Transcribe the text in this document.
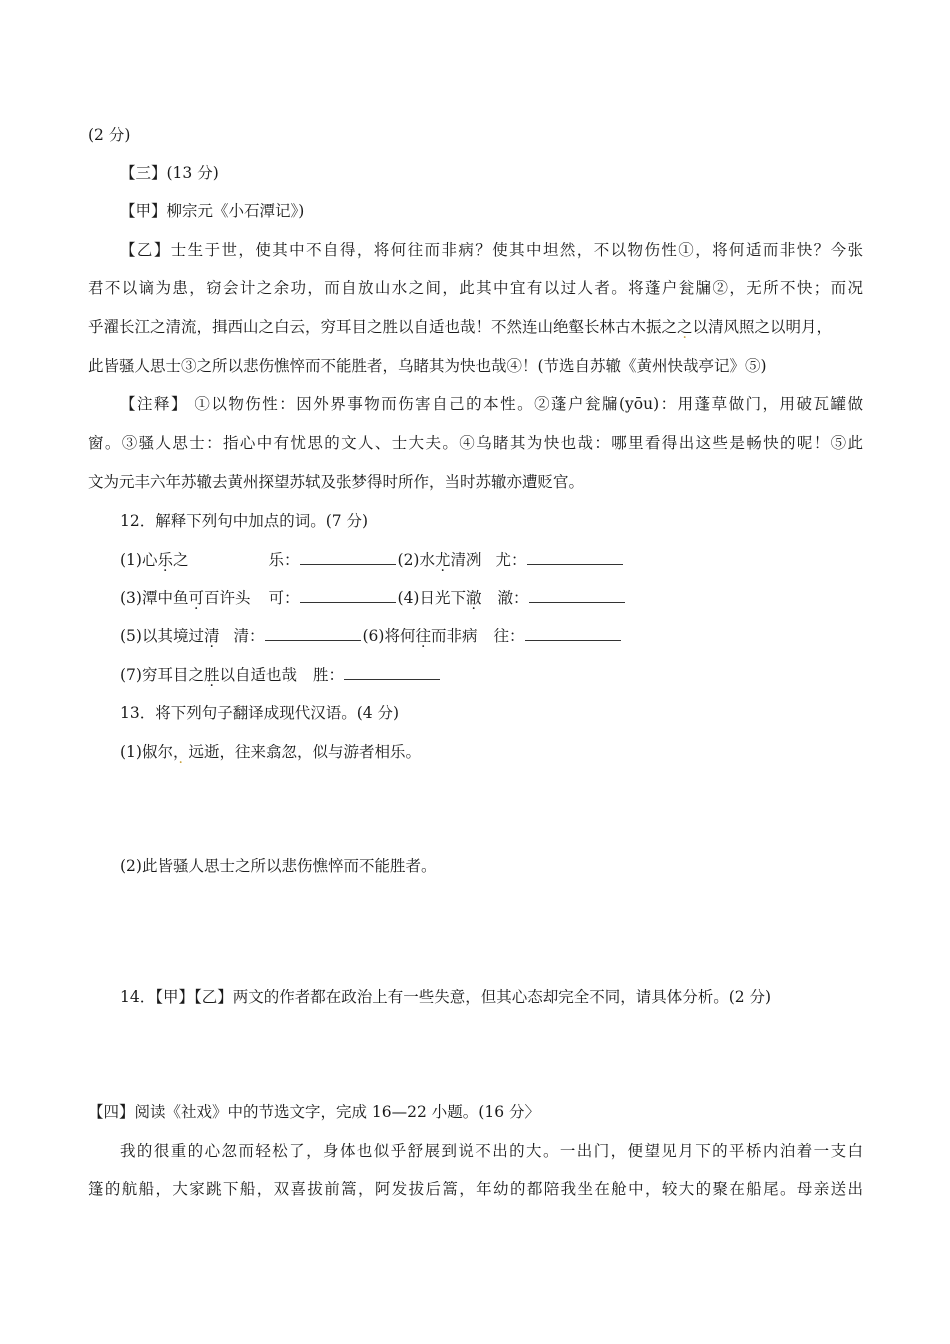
(2 分)
【三】(13 分)
【甲】柳宗元《小石潭记》)
【乙】士生于世，使其中不自得，将何往而非病？使其中坦然，不以物伤性①，将何适而非快？今张
君不以谪为患，窃会计之余功，而自放山水之间，此其中宜有以过人者。将蓬户瓮牖②，无所不快；而况
乎濯长江之清流，揖西山之白云，穷耳目之胜以自适也哉！不然连山绝壑长林古木振之之以清风照之以明月，
此皆骚人思士③之所以悲伤憔悴而不能胜者，乌睹其为快也哉④！(节选自苏辙《黄州快哉亭记》⑤)
【注释】 ①以物伤性：因外界事物而伤害自己的本性。②蓬户瓮牖(yōu)：用蓬草做门，用破瓦罐做
窗。③骚人思士：指心中有忧思的文人、士大夫。④乌睹其为快也哉：哪里看得出这些是畅快的呢！⑤此
文为元丰六年苏辙去黄州探望苏轼及张梦得时所作，当时苏辙亦遭贬官。
12．解释下列句中加点的词。(7 分)
(1)心乐之	乐：	(2)水尤清冽 尤：
(3)潭中鱼可百许头 可：	(4)日光下澈 澈：
(5)以其境过清 清：	(6)将何往而非病 往：
(7)穷耳目之胜以自适也哉 胜：
13．将下列句子翻译成现代汉语。(4 分)
(1)俶尔， ·远逝，往来翕忽，似与游者相乐。
(2)此皆骚人思士之所以悲伤憔悴而不能胜者。
14．【甲】【乙】两文的作者都在政治上有一些失意，但其心态却完全不同，请具体分析。(2 分)
【四】阅读《社戏》中的节选文字，完成 16—22 小题。(16 分〉
我的很重的心忽而轻松了，身体也似乎舒展到说不出的大。一出门，便望见月下的平桥内泊着一支白
篷的航船，大家跳下船，双喜拔前篙，阿发拔后篙，年幼的都陪我坐在舱中，较大的聚在船尾。母亲送出
